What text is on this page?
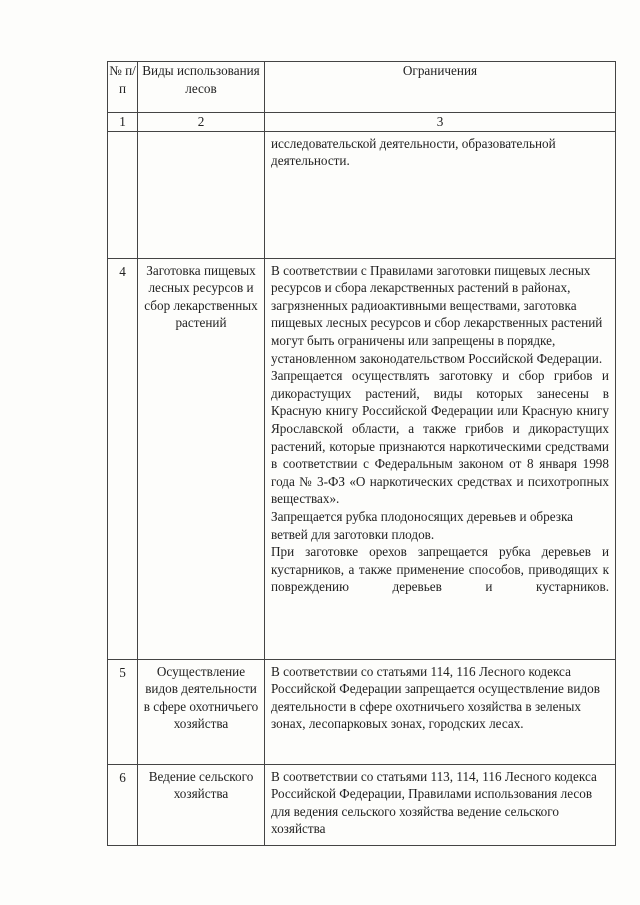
№ п/ п	Виды использования лесов	Ограничения
1	2	3

		исследовательской деятельности, образовательной деятельности.

4	Заготовка пищевых лесных ресурсов и сбор лекарственных растений	В соответствии с Правилами заготовки пищевых лесных ресурсов и сбора лекарственных растений в районах, загрязненных радиоактивными веществами, заготовка пищевых лесных ресурсов и сбор лекарственных растений могут быть ограничены или запрещены в порядке, установленном законодательством Российской Федерации.

Запрещается осуществлять заготовку и сбор грибов и дикорастущих растений, виды которых занесены в Красную книгу Российской Федерации или Красную книгу Ярославской области, а также грибов и дикорастущих растений, которые признаются наркотическими средствами в соответствии с Федеральным законом от 8 января 1998 года № 3-ФЗ «О наркотических средствах и психотропных веществах».

Запрещается рубка плодоносящих деревьев и обрезка ветвей для заготовки плодов.

При заготовке орехов запрещается рубка деревьев и кустарников, а также применение способов, приводящих к повреждению деревьев и кустарников.

5	Осуществление видов деятельности в сфере охотничьего хозяйства	В соответствии со статьями 114, 116 Лесного кодекса Российской Федерации запрещается осуществление видов деятельности в сфере охотничьего хозяйства в зеленых зонах, лесопарковых зонах, городских лесах.

6	Ведение сельского хозяйства	В соответствии со статьями 113, 114, 116 Лесного кодекса Российской Федерации, Правилами использования лесов для ведения сельского хозяйства ведение сельского хозяйства
